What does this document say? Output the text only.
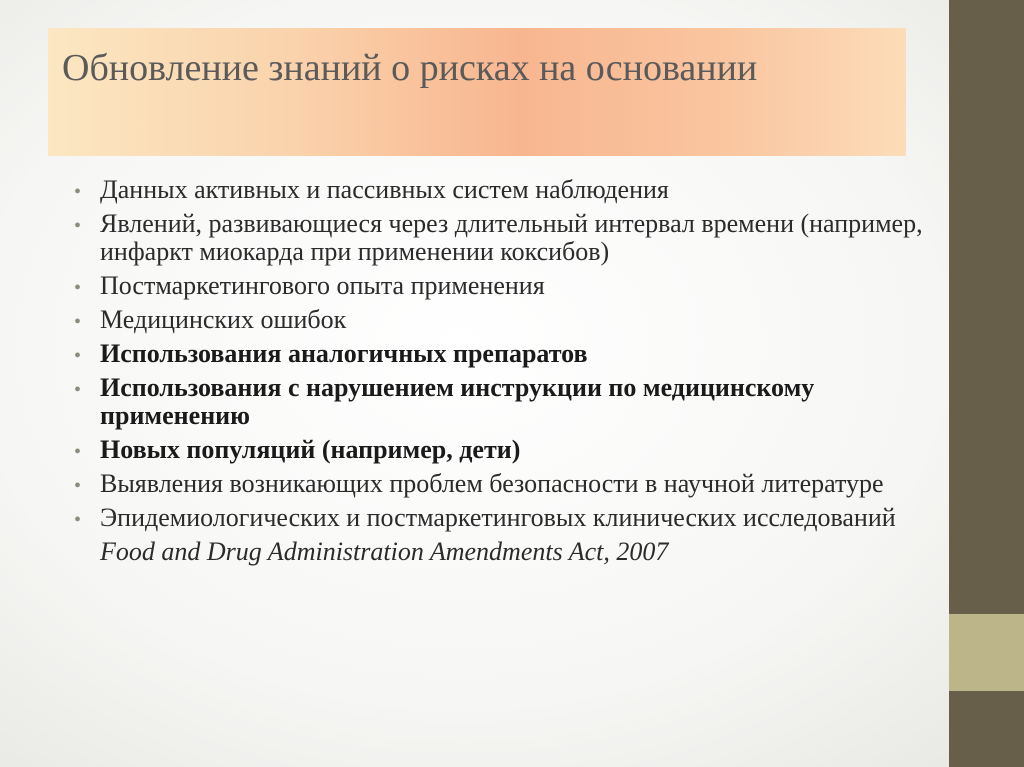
Обновление знаний о рисках на основании
• Данных активных и пассивных систем наблюдения
• Явлений, развивающиеся через длительный интервал времени (например, инфаркт миокарда при применении коксибов)
• Постмаркетингового опыта применения
• Медицинских ошибок
• Использования аналогичных препаратов
• Использования с нарушением инструкции по медицинскому применению
• Новых популяций (например, дети)
• Выявления возникающих проблем безопасности в научной литературе
• Эпидемиологических и постмаркетинговых клинических исследований
Food and Drug Administration Amendments Act, 2007
